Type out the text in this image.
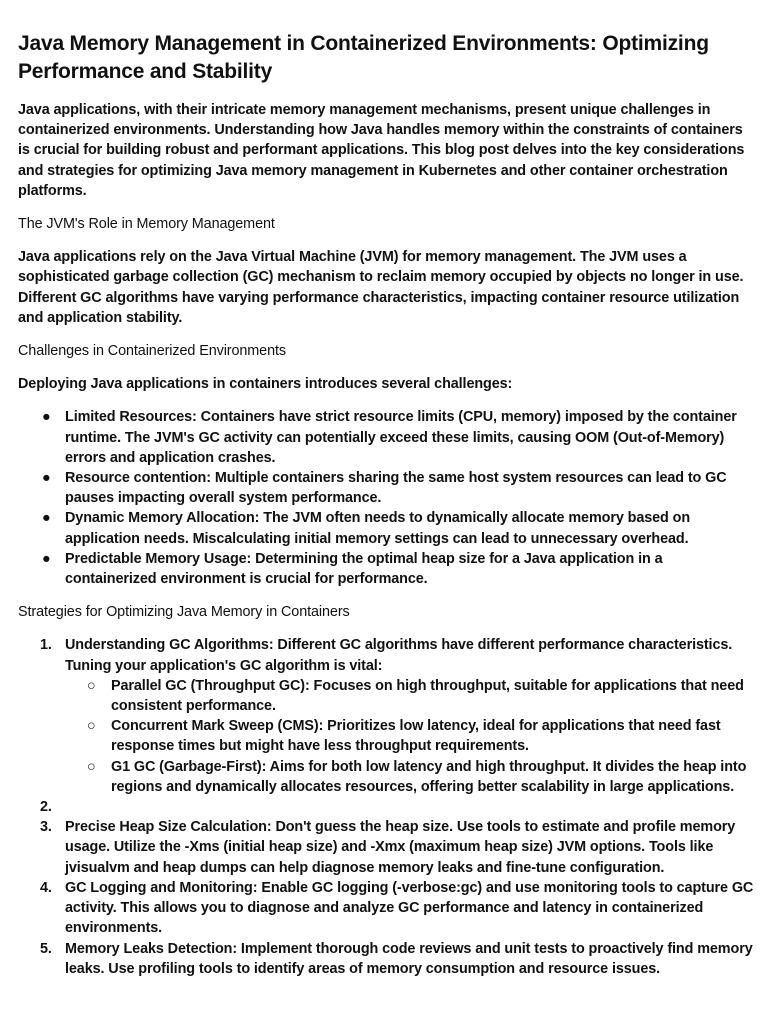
Java Memory Management in Containerized Environments: Optimizing Performance and Stability

Java applications, with their intricate memory management mechanisms, present unique challenges in containerized environments. Understanding how Java handles memory within the constraints of containers is crucial for building robust and performant applications. This blog post delves into the key considerations and strategies for optimizing Java memory management in Kubernetes and other container orchestration platforms.

The JVM's Role in Memory Management

Java applications rely on the Java Virtual Machine (JVM) for memory management. The JVM uses a sophisticated garbage collection (GC) mechanism to reclaim memory occupied by objects no longer in use. Different GC algorithms have varying performance characteristics, impacting container resource utilization and application stability.

Challenges in Containerized Environments

Deploying Java applications in containers introduces several challenges:

● Limited Resources: Containers have strict resource limits (CPU, memory) imposed by the container runtime. The JVM's GC activity can potentially exceed these limits, causing OOM (Out-of-Memory) errors and application crashes.
● Resource contention: Multiple containers sharing the same host system resources can lead to GC pauses impacting overall system performance.
● Dynamic Memory Allocation: The JVM often needs to dynamically allocate memory based on application needs. Miscalculating initial memory settings can lead to unnecessary overhead.
● Predictable Memory Usage: Determining the optimal heap size for a Java application in a containerized environment is crucial for performance.
Strategies for Optimizing Java Memory in Containers
1. Understanding GC Algorithms: Different GC algorithms have different performance characteristics. Tuning your application's GC algorithm is vital:
○ Parallel GC (Throughput GC): Focuses on high throughput, suitable for applications that need consistent performance.
○ Concurrent Mark Sweep (CMS): Prioritizes low latency, ideal for applications that need fast response times but might have less throughput requirements.
○ G1 GC (Garbage-First): Aims for both low latency and high throughput. It divides the heap into regions and dynamically allocates resources, offering better scalability in large applications.
2.
3. Precise Heap Size Calculation: Don't guess the heap size. Use tools to estimate and profile memory usage. Utilize the -Xms (initial heap size) and -Xmx (maximum heap size) JVM options. Tools like jvisualvm and heap dumps can help diagnose memory leaks and fine-tune configuration.
4. GC Logging and Monitoring: Enable GC logging (-verbose:gc) and use monitoring tools to capture GC activity. This allows you to diagnose and analyze GC performance and latency in containerized environments.
5. Memory Leaks Detection: Implement thorough code reviews and unit tests to proactively find memory leaks. Use profiling tools to identify areas of memory consumption and resource issues.
